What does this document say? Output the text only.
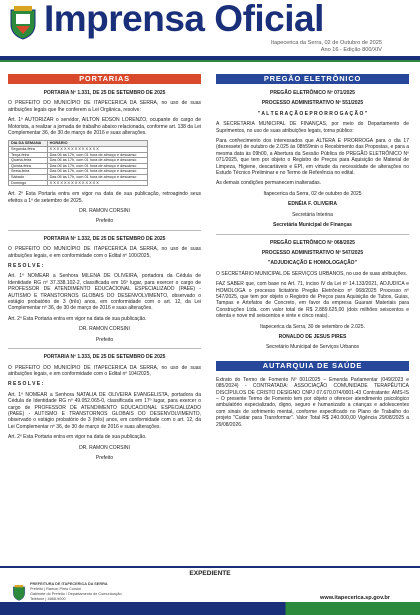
Imprensa Oficial
Itapecerica da Serra, 02 de Outubro de 2025
Ano 16 - Edição 800/XIV
PORTARIAS
PORTARIA Nº 1.331, DE 25 DE SETEMBRO DE 2025

O PREFEITO DO MUNICÍPIO DE ITAPECERICA DA SERRA, no uso de suas atribuições legais que lhe conferem a Lei Orgânica, resolve:

Art. 1º AUTORIZAR o servidor, AILTON EDSON LORENZO, ocupante do cargo de Motorista, a realizar a jornada de trabalho abaixo relacionada, conforme art. 138 da Lei Complementar 36, de 30 de março de 2016 e suas alterações.

DIA DA SEMANA	HORÁRIO
Segunda-feira	X X X X X X X X X X X X X X
Terça-feira	Das 06 às 17h, com 01 hora de almoço e descanso
Quarta-feira	Das 06 às 17h, com 01 hora de almoço e descanso
Quinta-feira	Das 06 às 17h, com 01 hora de almoço e descanso
Sexta-feira	Das 06 às 17h, com 01 hora de almoço e descanso
Sábado	Das 06 às 17h, com 01 hora de almoço e descanso
Domingo	X X X X X X X X X X X X X X

Art. 2º Esta Portaria entra em vigor na data de sua publicação, retroagindo seus efeitos a 1º de setembro de 2025.

DR. RAMON CORSINI
Prefeito
PORTARIA Nº 1.332, DE 25 DE SETEMBRO DE 2025

O PREFEITO DO MUNICÍPIO DE ITAPECERICA DA SERRA, no uso de suas atribuições legais, e em conformidade com o Edital nº 100/2025,

R E S O L V E :

Art. 1º NOMEAR a Senhora MILENA DE OLIVEIRA, portadora da Cédula de Identidade RG nº 37.338.102-2, classificada em 16º lugar, para exercer o cargo de PROFESSOR DE ATENDIMENTO EDUCACIONAL ESPECIALIZADO (PAEE) - AUTISMO E TRANSTORNOS GLOBAIS DO DESENVOLVIMENTO, observado o estágio probatório de 3 (três) anos, em conformidade com o art. 12, da Lei Complementar nº 36, de 30 de março de 2016 e suas alterações.

Art. 2º Esta Portaria entra em vigor na data de sua publicação.

DR. RAMON CORSINI
Prefeito
PORTARIA Nº 1.333, DE 25 DE SETEMBRO DE 2025

O PREFEITO DO MUNICÍPIO DE ITAPECERICA DA SERRA, no uso de suas atribuições legais, e em conformidade com o Edital nº 104/2025,

R E S O L V E :

Art. 1º NOMEAR a Senhora NATALIA DE OLIVEIRA EVANGELISTA, portadora da Cédula de Identidade RG nº 49.052.065-0, classificada em 17º lugar, para exercer o cargo de PROFESSOR DE ATENDIMENTO EDUCACIONAL ESPECIALIZADO (PAEE) - AUTISMO E TRANSTORNOS GLOBAIS DO DESENVOLVIMENTO, observado o estágio probatório de 3 (três) anos, em conformidade com o art. 12, da Lei Complementar nº 36, de 30 de março de 2016 e suas alterações.

Art. 2º Esta Portaria entra em vigor na data de sua publicação.

DR. RAMON CORSINI
Prefeito
PREGÃO ELETRÔNICO
PREGÃO ELETRÔNICO Nº 071/2025
PROCESSO ADMINISTRATIVO Nº 551/2025
" A L T E R A Ç Ã O E P R O R R O G A Ç Ã O "

A SECRETARIA MUNICIPAL DE FINANÇAS, por meio do Departamento de Suprimentos, no uso de suas atribuições legais, torna público:

Para conhecimento dos interessados que ALTERA E PRORROGA para o dia 17 (dezessete) de outubro de 2.025 às 08h59min o Recebimento das Propostas, e para a mesma data às 09h00, a Abertura da Sessão Pública do PREGÃO ELETRÔNICO Nº 071/2025, que tem por objeto o Registro de Preços para Aquisição de Material de Limpeza, Higiene, descartáveis e EPI, em virtude da necessidade de alterações no Estudo Técnico Preliminar e no Termo de Referência no edital.

As demais condições permanecem inalteradas.

Itapecerica da Serra, 02 de outubro de 2025
EDNÉIA F. OLIVEIRA
Secretária Interina
Secretária Municipal de Finanças
PREGÃO ELETRÔNICO Nº 068/2025
PROCESSO ADMINISTRATIVO Nº 547/2025
"ADJUDICAÇÃO E HOMOLOGAÇÃO"

O SECRETÁRIO MUNICIPAL DE SERVIÇOS URBANOS, no uso de suas atribuições.

FAZ SABER que, com base no Art. 71, inciso IV da Lei nº 14.133/2021, ADJUDICA e HOMOLOGA o processo licitatório Pregão Eletrônico nº 068/2025 Processo nº 547/2025, que tem por objeto o Registro de Preços para Aquisição de Tubos, Guias, Tampas e Artefatos de Concreto, em favor da empresa Guarani Materiais para Construções Ltda. com valor total de R$ 2.889.625,00 (dois milhões seiscentos e oitenta e nove mil seiscentos e vinte e cinco reais).

Itapecerica da Serra, 30 de setembro de 2.025.
RONALDO DE JESUS PIRES
Secretário Municipal de Serviços Urbanos
AUTARQUIA DE SAÚDE

Extrato do Termo de Fomento Nº 001/2025 – Emenda Parlamentar (049/2023 e 085/2024) - CONTRATADA: ASSOCIAÇÃO COMUNIDADE TERAPÊUTICA DISCÍPULOS DE CRISTO DESIGNO CNPJ 07.670.074/0001-43 Contratante: AMS-IS – O presente Termo de Fomento tem por objeto o oferecer atendimento psicológico ambulatório especializado, digno, seguro e humanizado a crianças e adolescentes com sinais de sofrimento mental, conforme especificado no Plano de Trabalho do projeto "Cuidar para Transformar". Valor Total R$ 240.000,00 Vigência 29/08/2025 a 29/08/2026.

EXPEDIENTE
PREFEITURA DE ITAPECERICA DA SERRA
Prefeito | Ramon Pires Corsini
Gabinete do Prefeito / Departamento de Comunicação
Telefone | 4668-9000	www.itapecerica.sp.gov.br
